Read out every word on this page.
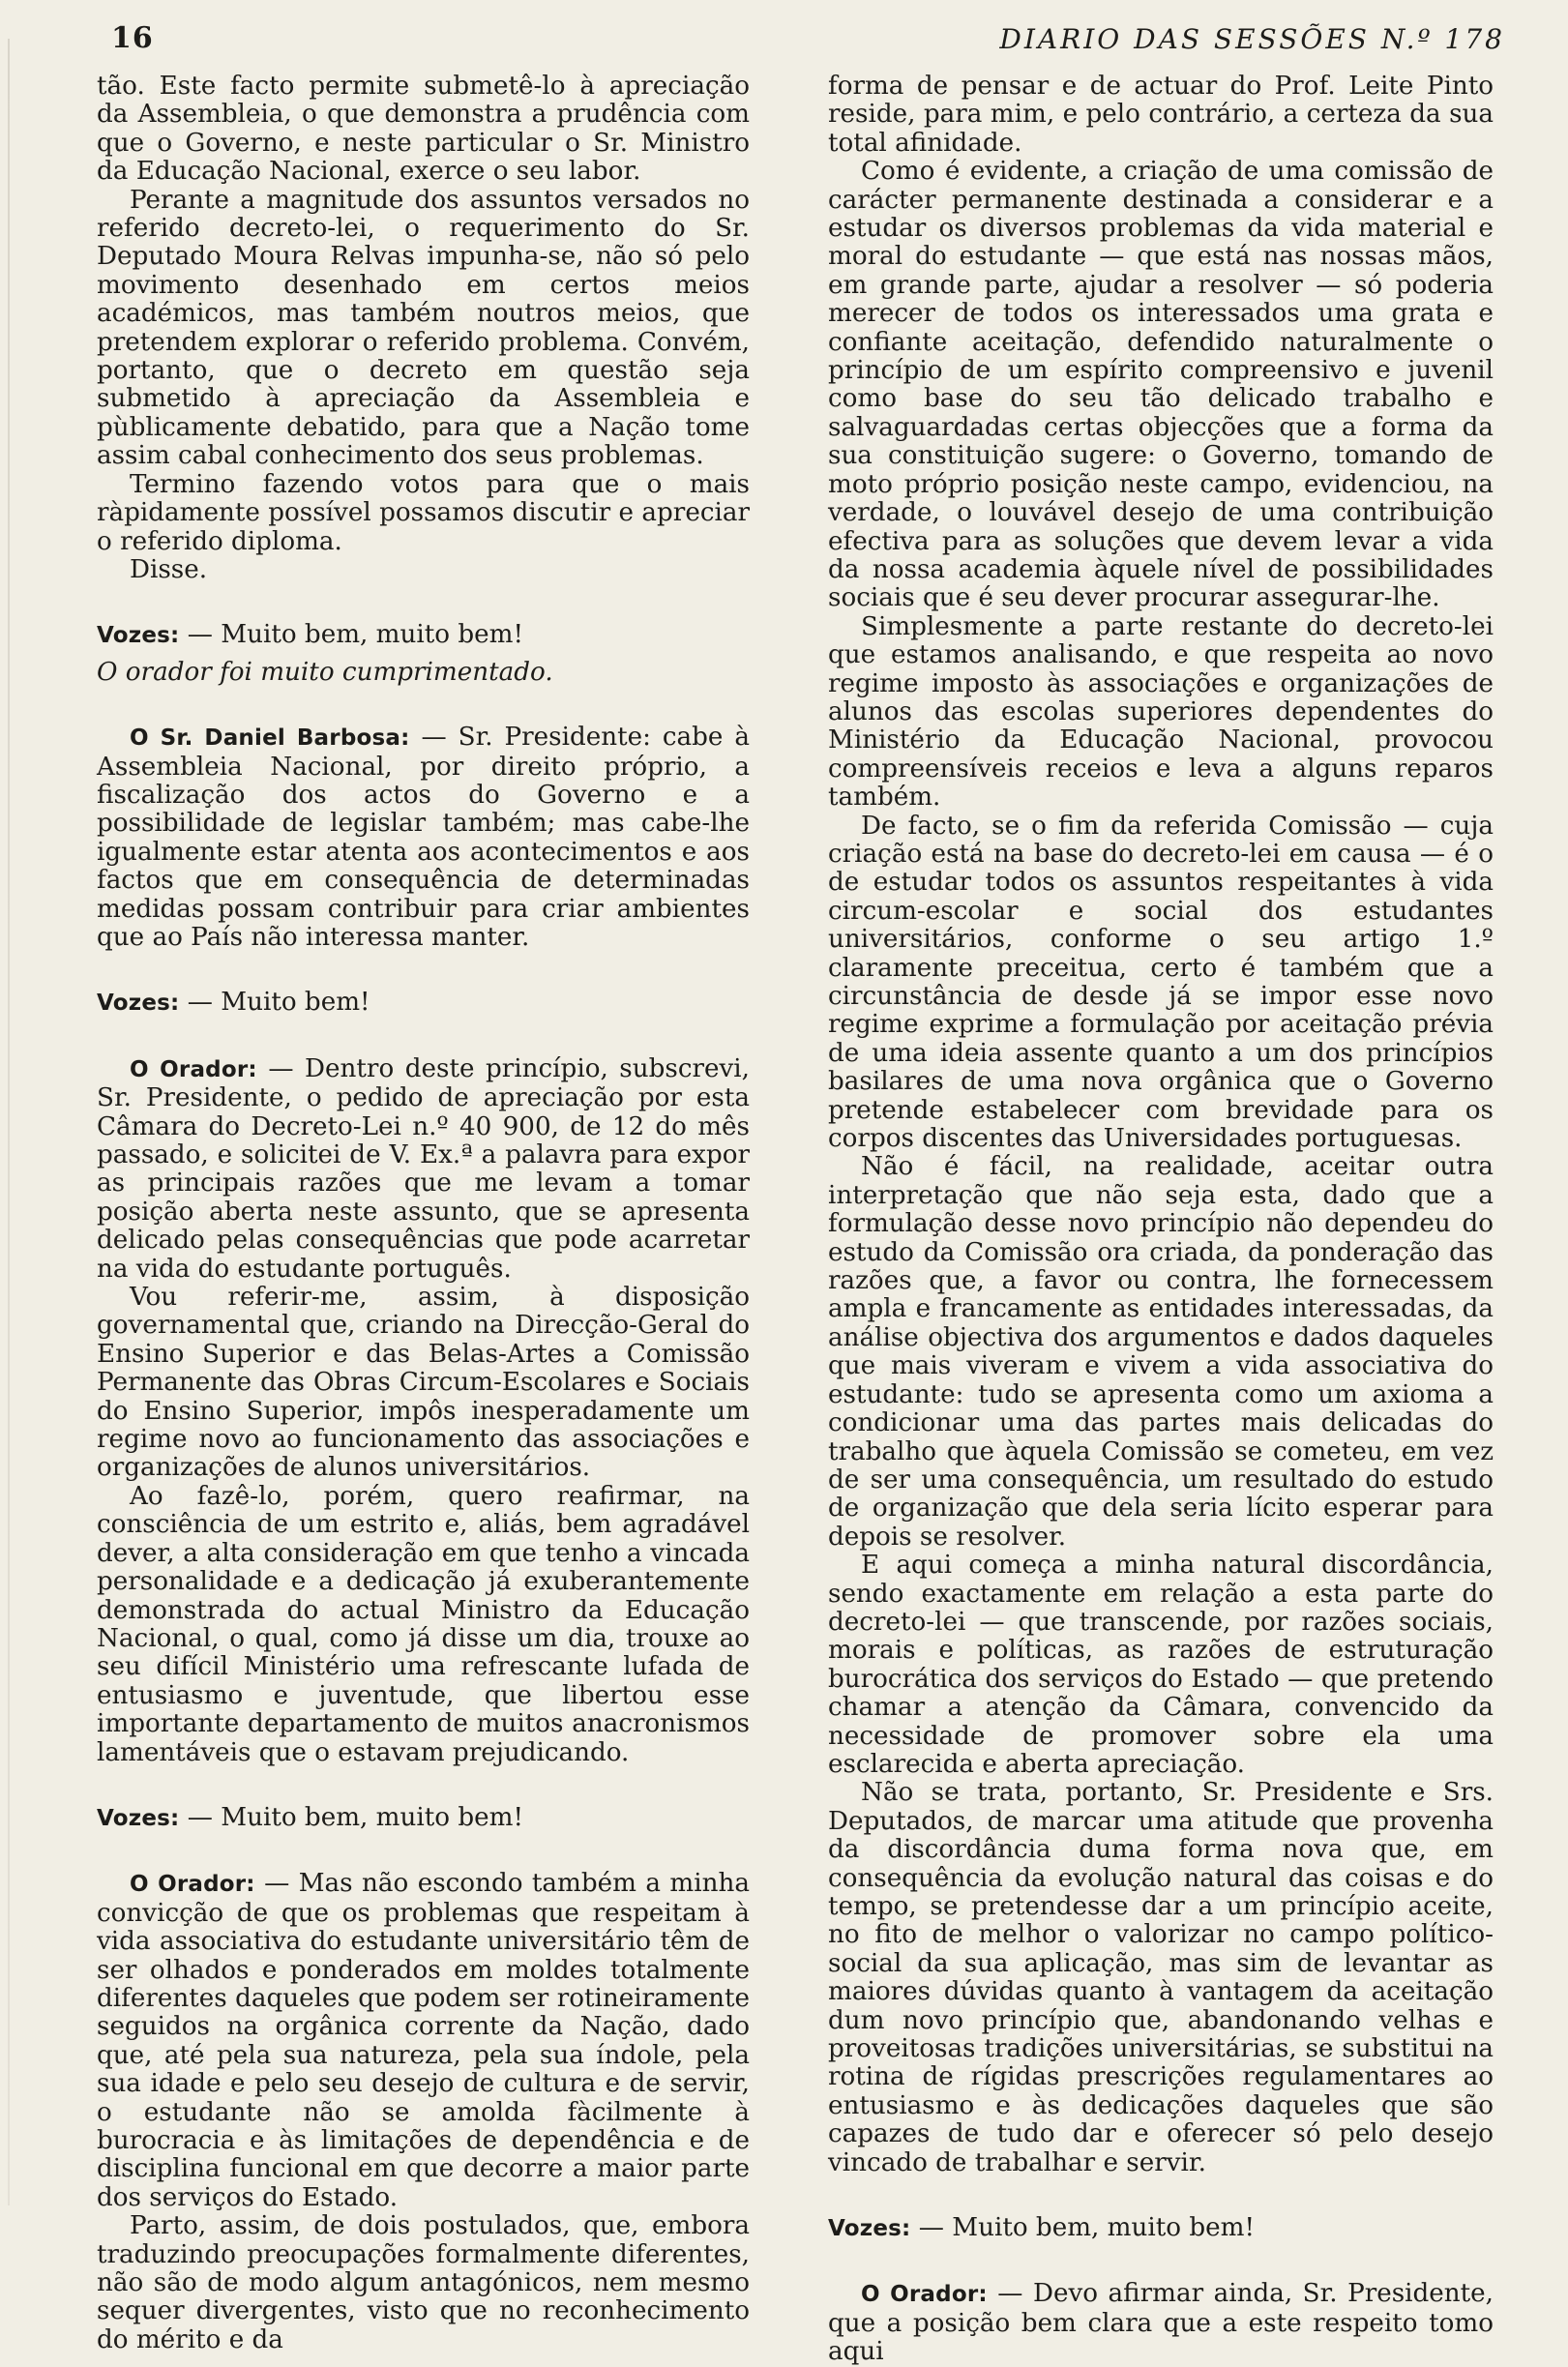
16	DIARIO DAS SESSÕES N.º 178

tão. Este facto permite submetê-lo à apreciação da Assembleia, o que demonstra a prudência com que o Governo, e neste particular o Sr. Ministro da Educação Nacional, exerce o seu labor.

Perante a magnitude dos assuntos versados no referido decreto-lei, o requerimento do Sr. Deputado Moura Relvas impunha-se, não só pelo movimento desenhado em certos meios académicos, mas também noutros meios, que pretendem explorar o referido problema. Convém, portanto, que o decreto em questão seja submetido à apreciação da Assembleia e pùblicamente debatido, para que a Nação tome assim cabal conhecimento dos seus problemas.

Termino fazendo votos para que o mais ràpidamente possível possamos discutir e apreciar o referido diploma.

Disse.

Vozes: — Muito bem, muito bem!

O orador foi muito cumprimentado.

O Sr. Daniel Barbosa: — Sr. Presidente: cabe à Assembleia Nacional, por direito próprio, a fiscalização dos actos do Governo e a possibilidade de legislar também; mas cabe-lhe igualmente estar atenta aos acontecimentos e aos factos que em consequência de determinadas medidas possam contribuir para criar ambientes que ao País não interessa manter.

Vozes: — Muito bem!

O Orador: — Dentro deste princípio, subscrevi, Sr. Presidente, o pedido de apreciação por esta Câmara do Decreto-Lei n.º 40 900, de 12 do mês passado, e solicitei de V. Ex.ª a palavra para expor as principais razões que me levam a tomar posição aberta neste assunto, que se apresenta delicado pelas consequências que pode acarretar na vida do estudante português.

Vou referir-me, assim, à disposição governamental que, criando na Direcção-Geral do Ensino Superior e das Belas-Artes a Comissão Permanente das Obras Circum-Escolares e Sociais do Ensino Superior, impôs inesperadamente um regime novo ao funcionamento das associações e organizações de alunos universitários.

Ao fazê-lo, porém, quero reafirmar, na consciência de um estrito e, aliás, bem agradável dever, a alta consideração em que tenho a vincada personalidade e a dedicação já exuberantemente demonstrada do actual Ministro da Educação Nacional, o qual, como já disse um dia, trouxe ao seu difícil Ministério uma refrescante lufada de entusiasmo e juventude, que libertou esse importante departamento de muitos anacronismos lamentáveis que o estavam prejudicando.

Vozes: — Muito bem, muito bem!

O Orador: — Mas não escondo também a minha convicção de que os problemas que respeitam à vida associativa do estudante universitário têm de ser olhados e ponderados em moldes totalmente diferentes daqueles que podem ser rotineiramente seguidos na orgânica corrente da Nação, dado que, até pela sua natureza, pela sua índole, pela sua idade e pelo seu desejo de cultura e de servir, o estudante não se amolda fàcilmente à burocracia e às limitações de dependência e de disciplina funcional em que decorre a maior parte dos serviços do Estado.

Parto, assim, de dois postulados, que, embora traduzindo preocupações formalmente diferentes, não são de modo algum antagónicos, nem mesmo sequer divergentes, visto que no reconhecimento do mérito e da

forma de pensar e de actuar do Prof. Leite Pinto reside, para mim, e pelo contrário, a certeza da sua total afinidade.

Como é evidente, a criação de uma comissão de carácter permanente destinada a considerar e a estudar os diversos problemas da vida material e moral do estudante — que está nas nossas mãos, em grande parte, ajudar a resolver — só poderia merecer de todos os interessados uma grata e confiante aceitação, defendido naturalmente o princípio de um espírito compreensivo e juvenil como base do seu tão delicado trabalho e salvaguardadas certas objecções que a forma da sua constituição sugere: o Governo, tomando de moto próprio posição neste campo, evidenciou, na verdade, o louvável desejo de uma contribuição efectiva para as soluções que devem levar a vida da nossa academia àquele nível de possibilidades sociais que é seu dever procurar assegurar-lhe.

Simplesmente a parte restante do decreto-lei que estamos analisando, e que respeita ao novo regime imposto às associações e organizações de alunos das escolas superiores dependentes do Ministério da Educação Nacional, provocou compreensíveis receios e leva a alguns reparos também.

De facto, se o fim da referida Comissão — cuja criação está na base do decreto-lei em causa — é o de estudar todos os assuntos respeitantes à vida circum-escolar e social dos estudantes universitários, conforme o seu artigo 1.º claramente preceitua, certo é também que a circunstância de desde já se impor esse novo regime exprime a formulação por aceitação prévia de uma ideia assente quanto a um dos princípios basilares de uma nova orgânica que o Governo pretende estabelecer com brevidade para os corpos discentes das Universidades portuguesas.

Não é fácil, na realidade, aceitar outra interpretação que não seja esta, dado que a formulação desse novo princípio não dependeu do estudo da Comissão ora criada, da ponderação das razões que, a favor ou contra, lhe fornecessem ampla e francamente as entidades interessadas, da análise objectiva dos argumentos e dados daqueles que mais viveram e vivem a vida associativa do estudante: tudo se apresenta como um axioma a condicionar uma das partes mais delicadas do trabalho que àquela Comissão se cometeu, em vez de ser uma consequência, um resultado do estudo de organização que dela seria lícito esperar para depois se resolver.

E aqui começa a minha natural discordância, sendo exactamente em relação a esta parte do decreto-lei — que transcende, por razões sociais, morais e políticas, as razões de estruturação burocrática dos serviços do Estado — que pretendo chamar a atenção da Câmara, convencido da necessidade de promover sobre ela uma esclarecida e aberta apreciação.

Não se trata, portanto, Sr. Presidente e Srs. Deputados, de marcar uma atitude que provenha da discordância duma forma nova que, em consequência da evolução natural das coisas e do tempo, se pretendesse dar a um princípio aceite, no fito de melhor o valorizar no campo político-social da sua aplicação, mas sim de levantar as maiores dúvidas quanto à vantagem da aceitação dum novo princípio que, abandonando velhas e proveitosas tradições universitárias, se substitui na rotina de rígidas prescrições regulamentares ao entusiasmo e às dedicações daqueles que são capazes de tudo dar e oferecer só pelo desejo vincado de trabalhar e servir.

Vozes: — Muito bem, muito bem!

O Orador: — Devo afirmar ainda, Sr. Presidente, que a posição bem clara que a este respeito tomo aqui
